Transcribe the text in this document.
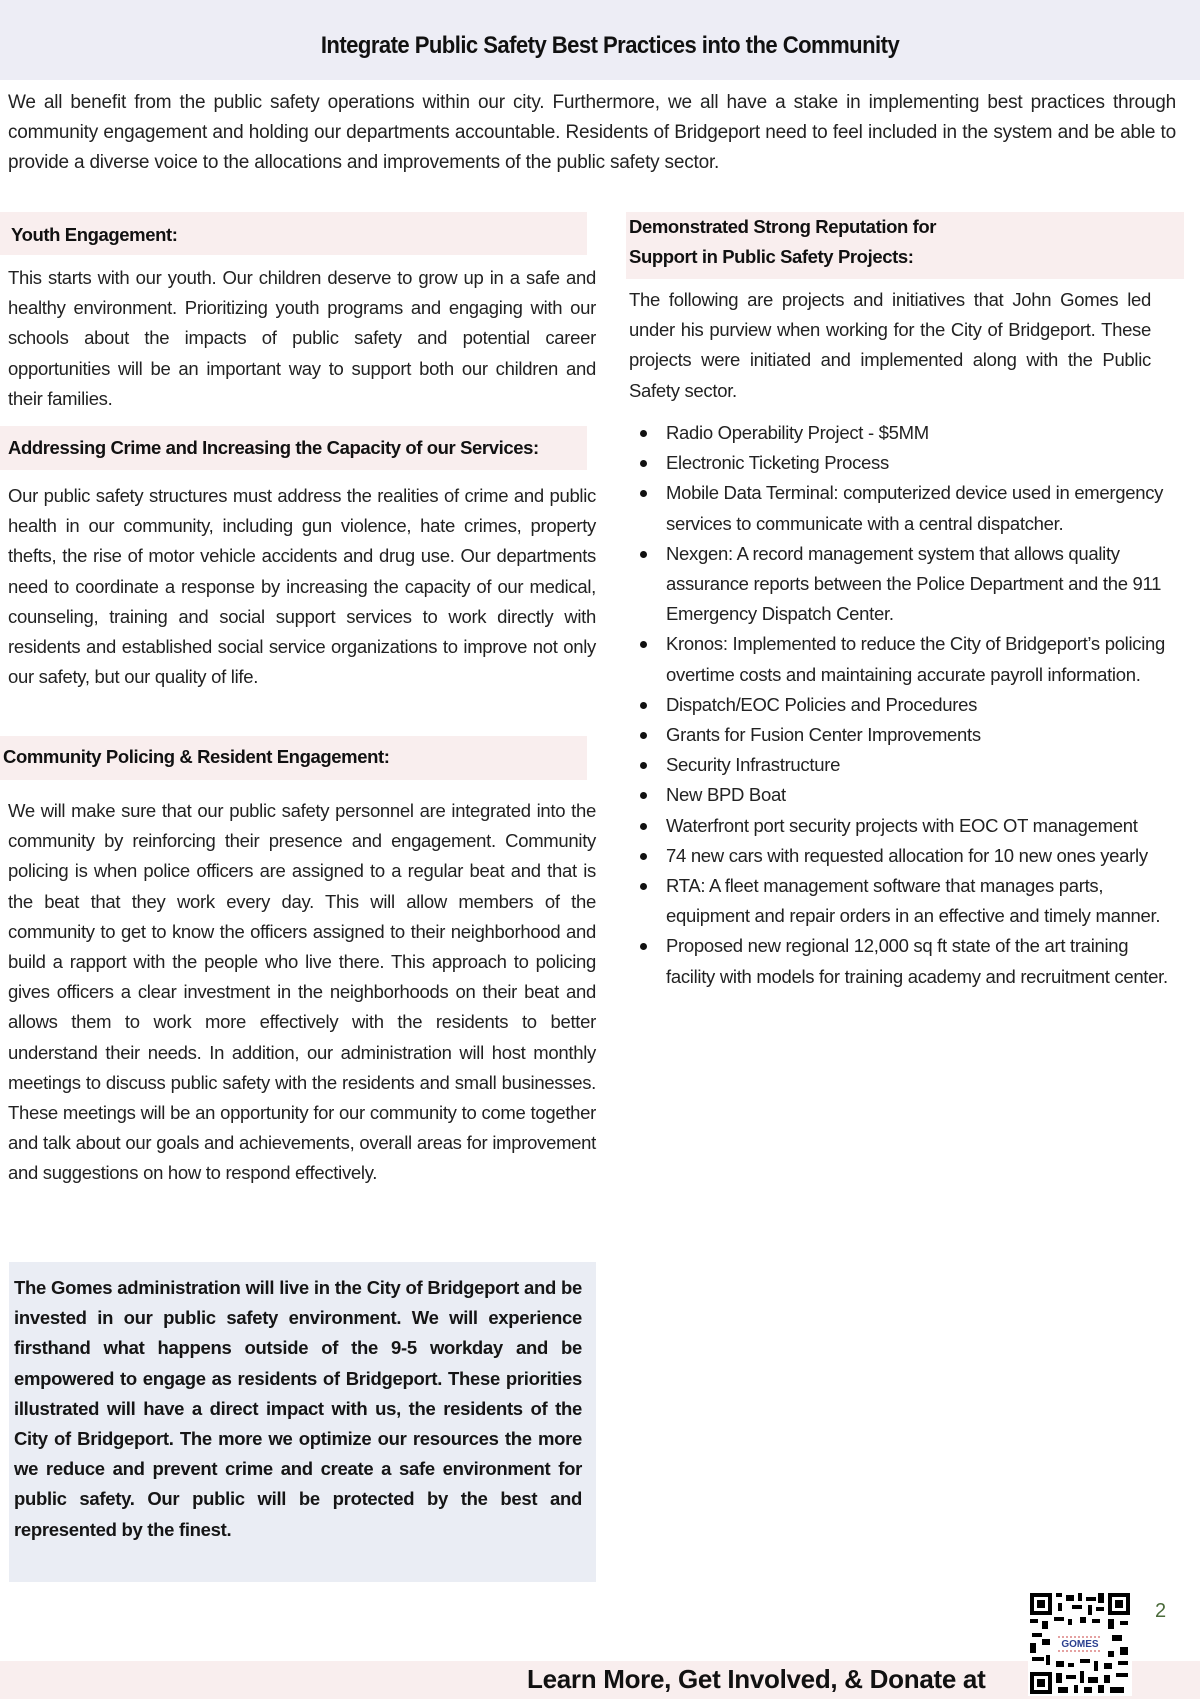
Integrate Public Safety Best Practices into the Community
We all benefit from the public safety operations within our city. Furthermore, we all have a stake in implementing best practices through community engagement and holding our departments accountable. Residents of Bridgeport need to feel included in the system and be able to provide a diverse voice to the allocations and improvements of the public safety sector.
Youth Engagement:
This starts with our youth. Our children deserve to grow up in a safe and healthy environment. Prioritizing youth programs and engaging with our schools about the impacts of public safety and potential career opportunities will be an important way to support both our children and their families.
Addressing Crime and Increasing the Capacity of our Services:
Our public safety structures must address the realities of crime and public health in our community, including gun violence, hate crimes, property thefts, the rise of motor vehicle accidents and drug use. Our departments need to coordinate a response by increasing the capacity of our medical, counseling, training and social support services to work directly with residents and established social service organizations to improve not only our safety, but our quality of life.
Community Policing & Resident Engagement:
We will make sure that our public safety personnel are integrated into the community by reinforcing their presence and engagement. Community policing is when police officers are assigned to a regular beat and that is the beat that they work every day. This will allow members of the community to get to know the officers assigned to their neighborhood and build a rapport with the people who live there. This approach to policing gives officers a clear investment in the neighborhoods on their beat and allows them to work more effectively with the residents to better understand their needs. In addition, our administration will host monthly meetings to discuss public safety with the residents and small businesses. These meetings will be an opportunity for our community to come together and talk about our goals and achievements, overall areas for improvement and suggestions on how to respond effectively.
The Gomes administration will live in the City of Bridgeport and be invested in our public safety environment. We will experience firsthand what happens outside of the 9-5 workday and be empowered to engage as residents of Bridgeport. These priorities illustrated will have a direct impact with us, the residents of the City of Bridgeport. The more we optimize our resources the more we reduce and prevent crime and create a safe environment for public safety. Our public will be protected by the best and represented by the finest.
Demonstrated Strong Reputation for
Support in Public Safety Projects:
The following are projects and initiatives that John Gomes led under his purview when working for the City of Bridgeport. These projects were initiated and implemented along with the Public Safety sector.
Radio Operability Project - $5MM
Electronic Ticketing Process
Mobile Data Terminal: computerized device used in emergency services to communicate with a central dispatcher.
Nexgen: A record management system that allows quality assurance reports between the Police Department and the 911 Emergency Dispatch Center.
Kronos: Implemented to reduce the City of Bridgeport’s policing overtime costs and maintaining accurate payroll information.
Dispatch/EOC Policies and Procedures
Grants for Fusion Center Improvements
Security Infrastructure
New BPD Boat
Waterfront port security projects with EOC OT management
74 new cars with requested allocation for 10 new ones yearly
RTA: A fleet management software that manages parts, equipment and repair orders in an effective and timely manner.
Proposed new regional 12,000 sq ft state of the art training facility with models for training academy and recruitment center.
Learn More, Get Involved, & Donate at
GOMES
2
